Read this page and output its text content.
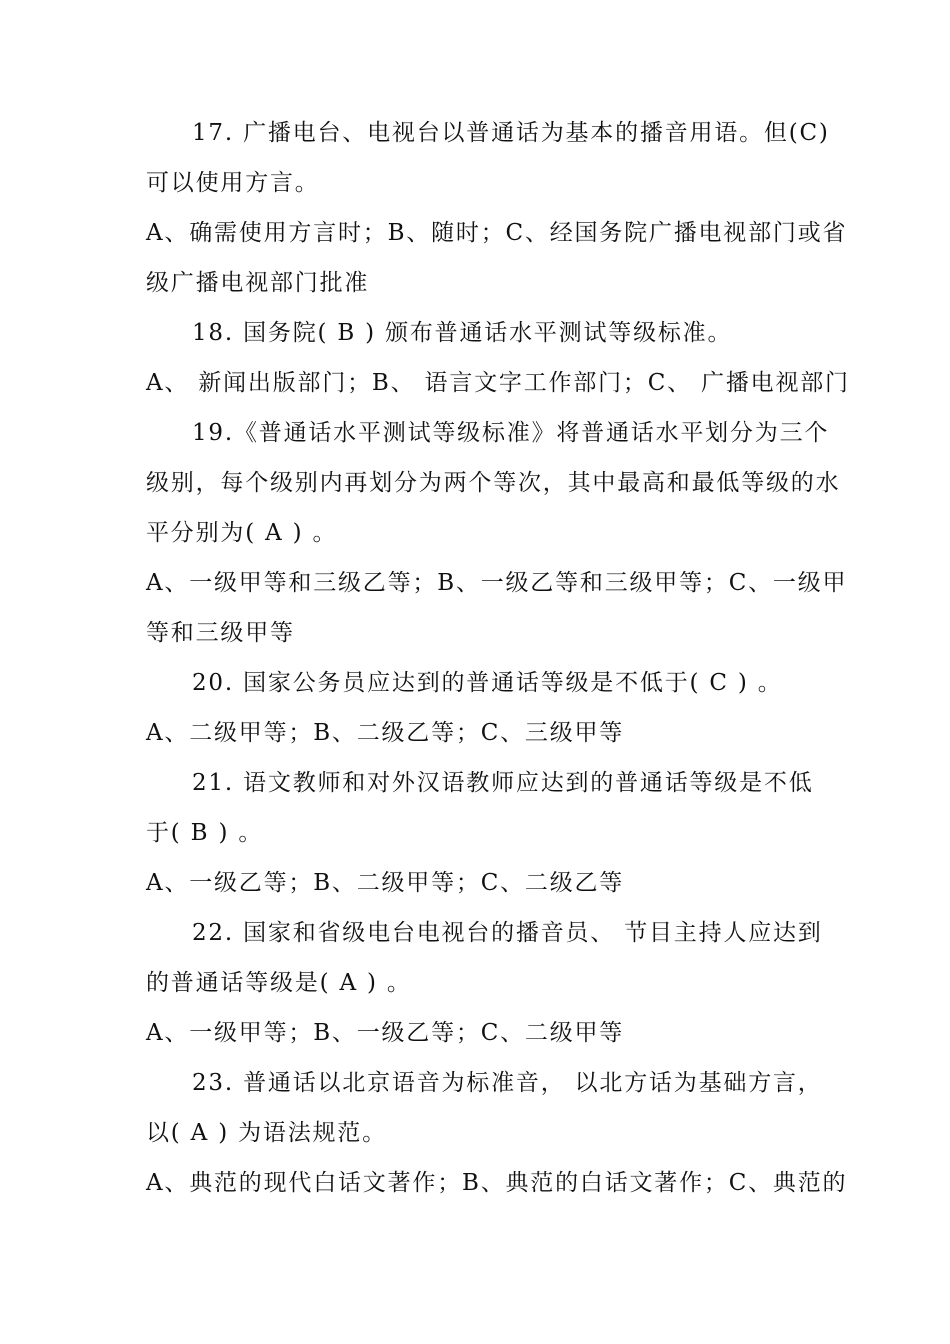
17. 广播电台、电视台以普通话为基本的播音用语。但(C)
可以使用方言。
A、确需使用方言时；B、随时；C、经国务院广播电视部门或省
级广播电视部门批准
18. 国务院( B ) 颁布普通话水平测试等级标准。
A、 新闻出版部门；B、 语言文字工作部门；C、 广播电视部门
19.《普通话水平测试等级标准》将普通话水平划分为三个
级别，每个级别内再划分为两个等次，其中最高和最低等级的水
平分别为( A ) 。
A、一级甲等和三级乙等；B、一级乙等和三级甲等；C、一级甲
等和三级甲等
20. 国家公务员应达到的普通话等级是不低于( C ) 。
A、二级甲等；B、二级乙等；C、三级甲等
21. 语文教师和对外汉语教师应达到的普通话等级是不低
于( B ) 。
A、一级乙等；B、二级甲等；C、二级乙等
22. 国家和省级电台电视台的播音员、 节目主持人应达到
的普通话等级是( A ) 。
A、一级甲等；B、一级乙等；C、二级甲等
23. 普通话以北京语音为标准音， 以北方话为基础方言，
以( A ) 为语法规范。
A、典范的现代白话文著作；B、典范的白话文著作；C、典范的
